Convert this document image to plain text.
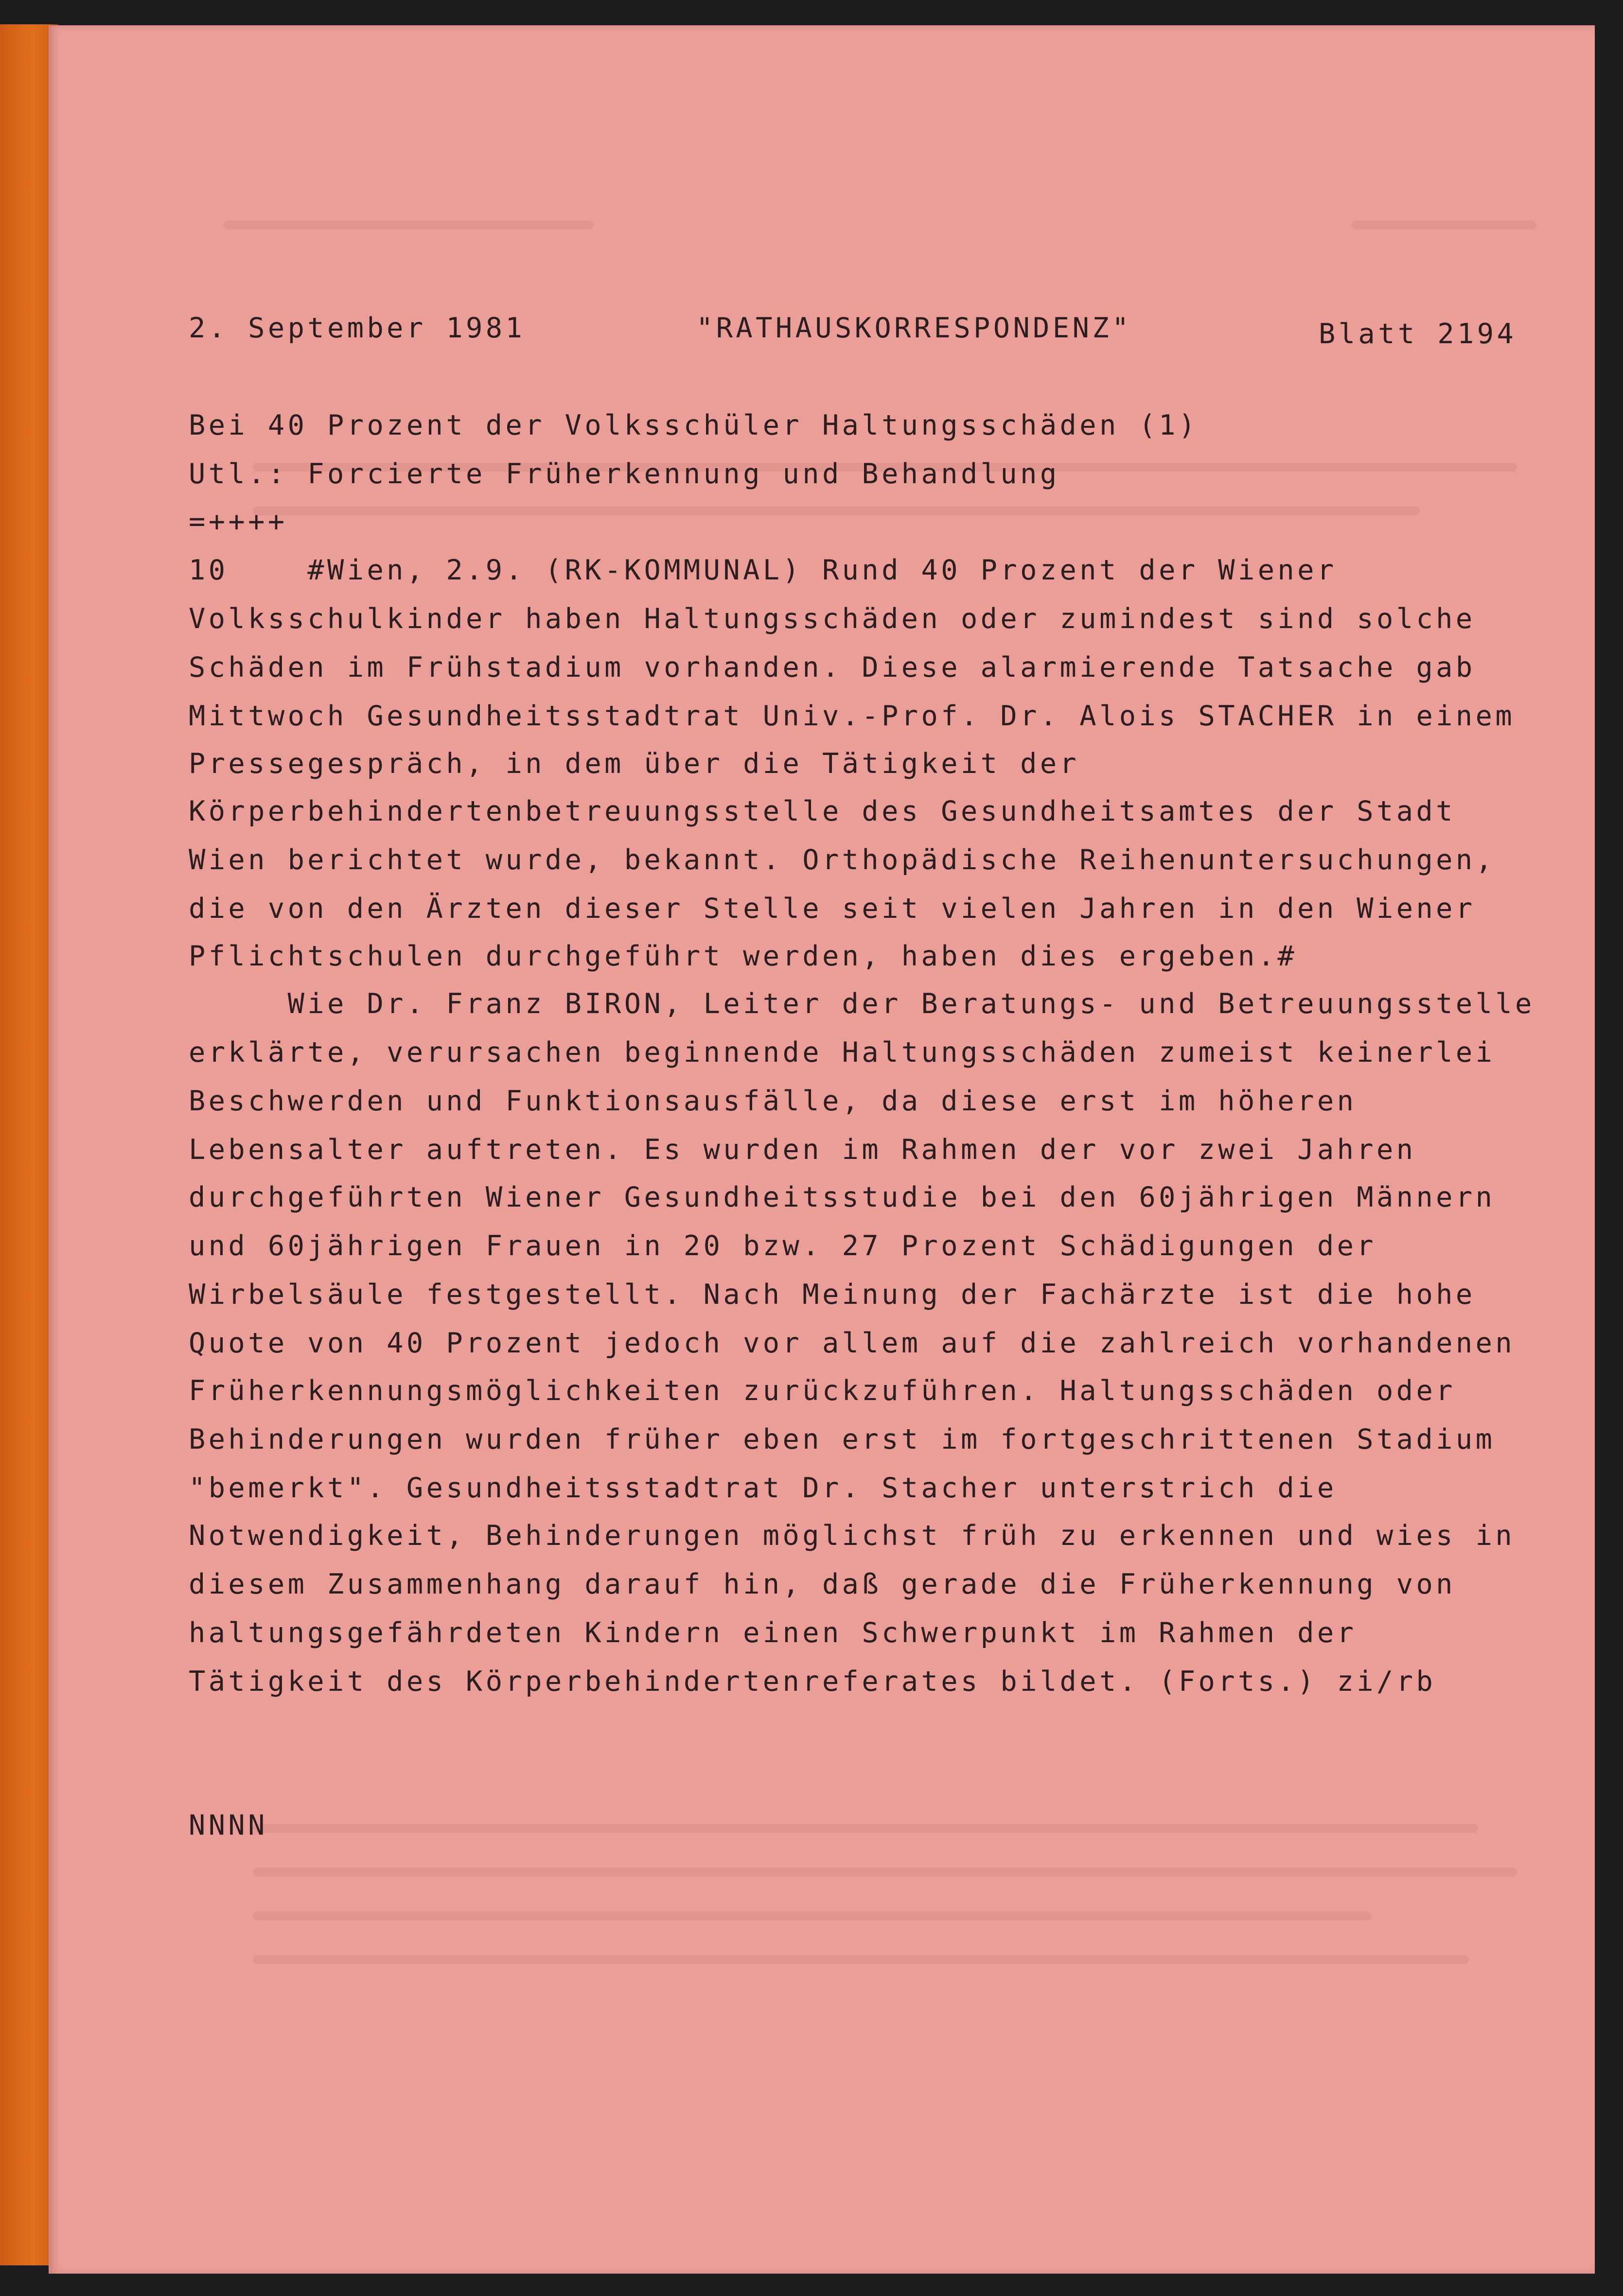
2. September 1981	"RATHAUSKORRESPONDENZ"	Blatt 2194
Bei 40 Prozent der Volksschüler Haltungsschäden (1)
Utl.: Forcierte Früherkennung und Behandlung
=++++
10    #Wien, 2.9. (RK-KOMMUNAL) Rund 40 Prozent der Wiener
Volksschulkinder haben Haltungsschäden oder zumindest sind solche
Schäden im Frühstadium vorhanden. Diese alarmierende Tatsache gab
Mittwoch Gesundheitsstadtrat Univ.-Prof. Dr. Alois STACHER in einem
Pressegespräch, in dem über die Tätigkeit der
Körperbehindertenbetreuungsstelle des Gesundheitsamtes der Stadt
Wien berichtet wurde, bekannt. Orthopädische Reihenuntersuchungen,
die von den Ärzten dieser Stelle seit vielen Jahren in den Wiener
Pflichtschulen durchgeführt werden, haben dies ergeben.#
Wie Dr. Franz BIRON, Leiter der Beratungs- und Betreuungsstelle
erklärte, verursachen beginnende Haltungsschäden zumeist keinerlei
Beschwerden und Funktionsausfälle, da diese erst im höheren
Lebensalter auftreten. Es wurden im Rahmen der vor zwei Jahren
durchgeführten Wiener Gesundheitsstudie bei den 60jährigen Männern
und 60jährigen Frauen in 20 bzw. 27 Prozent Schädigungen der
Wirbelsäule festgestellt. Nach Meinung der Fachärzte ist die hohe
Quote von 40 Prozent jedoch vor allem auf die zahlreich vorhandenen
Früherkennungsmöglichkeiten zurückzuführen. Haltungsschäden oder
Behinderungen wurden früher eben erst im fortgeschrittenen Stadium
"bemerkt". Gesundheitsstadtrat Dr. Stacher unterstrich die
Notwendigkeit, Behinderungen möglichst früh zu erkennen und wies in
diesem Zusammenhang darauf hin, daß gerade die Früherkennung von
haltungsgefährdeten Kindern einen Schwerpunkt im Rahmen der
Tätigkeit des Körperbehindertenreferates bildet. (Forts.) zi/rb
NNNN
